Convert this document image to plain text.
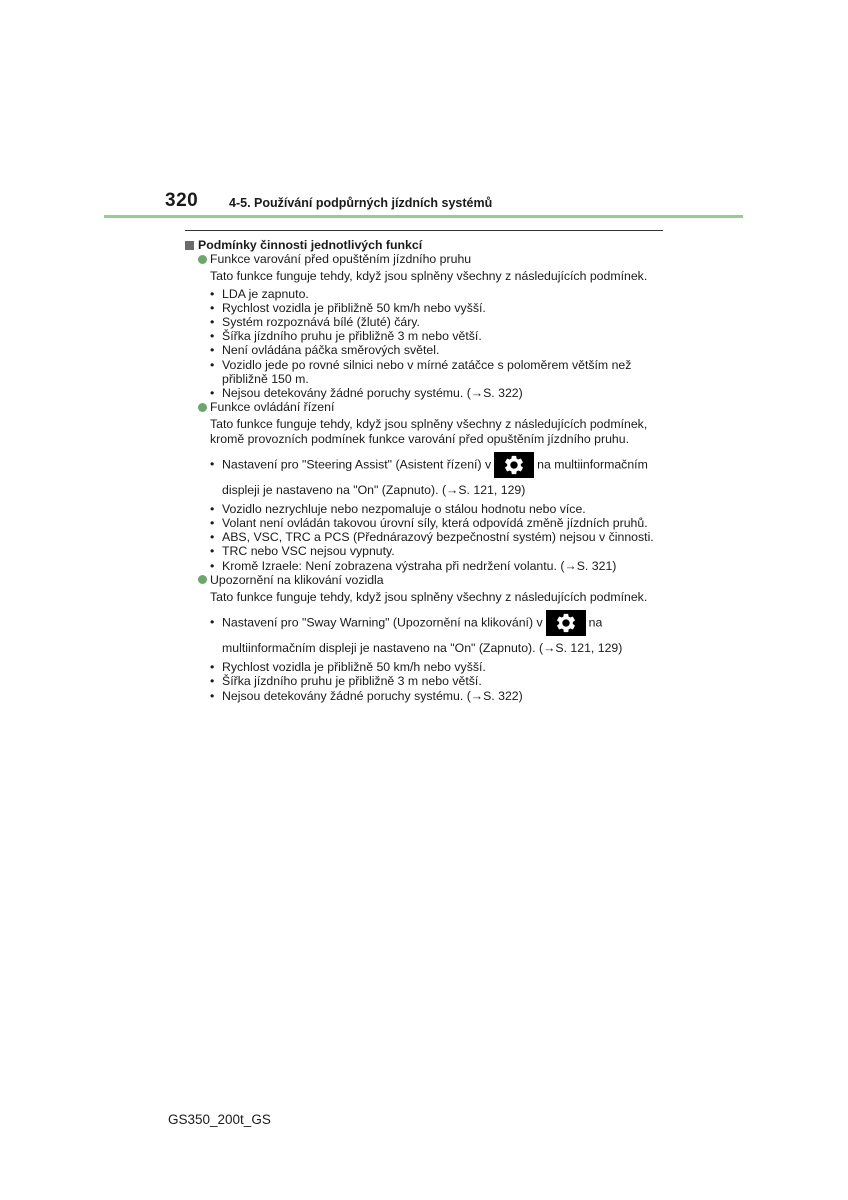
320 4-5. Používání podpůrných jízdních systémů
Podmínky činnosti jednotlivých funkcí
Funkce varování před opuštěním jízdního pruhu
Tato funkce funguje tehdy, když jsou splněny všechny z následujících podmínek.
• LDA je zapnuto.
• Rychlost vozidla je přibližně 50 km/h nebo vyšší.
• Systém rozpoznává bílé (žluté) čáry.
• Šířka jízdního pruhu je přibližně 3 m nebo větší.
• Není ovládána páčka směrových světel.
• Vozidlo jede po rovné silnici nebo v mírné zatáčce s poloměrem větším než přibližně 150 m.
• Nejsou detekovány žádné poruchy systému. (→S. 322)
Funkce ovládání řízení
Tato funkce funguje tehdy, když jsou splněny všechny z následujících podmínek, kromě provozních podmínek funkce varování před opuštěním jízdního pruhu.
• Nastavení pro "Steering Assist" (Asistent řízení) v	na multiinformačním displeji je nastaveno na "On" (Zapnuto). (→S. 121, 129)
• Vozidlo nezrychluje nebo nezpomaluje o stálou hodnotu nebo více.
• Volant není ovládán takovou úrovní síly, která odpovídá změně jízdních pruhů.
• ABS, VSC, TRC a PCS (Přednárazový bezpečnostní systém) nejsou v činnosti.
• TRC nebo VSC nejsou vypnuty.
• Kromě Izraele: Není zobrazena výstraha při nedržení volantu. (→S. 321)
Upozornění na klikování vozidla
Tato funkce funguje tehdy, když jsou splněny všechny z následujících podmínek.
• Nastavení pro "Sway Warning" (Upozornění na klikování) v	na multiinformačním displeji je nastaveno na "On" (Zapnuto). (→S. 121, 129)
• Rychlost vozidla je přibližně 50 km/h nebo vyšší.
• Šířka jízdního pruhu je přibližně 3 m nebo větší.
• Nejsou detekovány žádné poruchy systému. (→S. 322)
GS350_200t_GS
